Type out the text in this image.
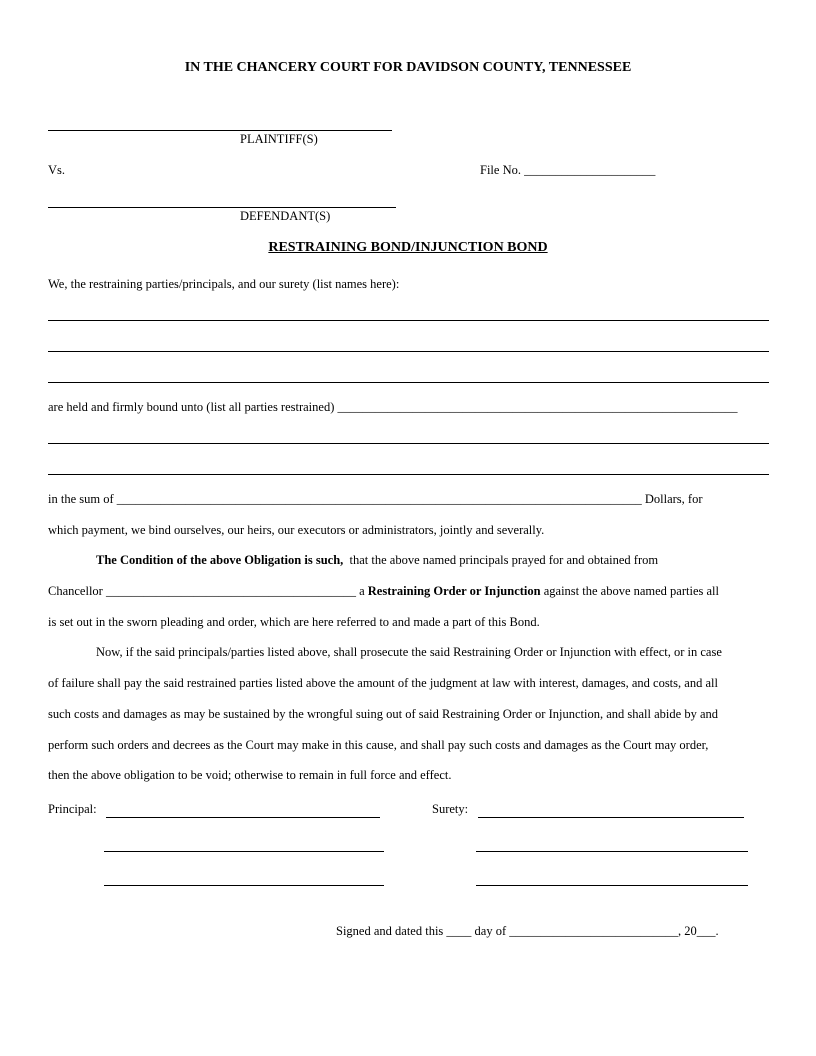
IN THE CHANCERY COURT FOR DAVIDSON COUNTY, TENNESSEE
PLAINTIFF(S)
Vs.	File No. _____________________
DEFENDANT(S)
RESTRAINING BOND/INJUNCTION BOND
We, the restraining parties/principals, and our surety (list names here):
are held and firmly bound unto (list all parties restrained) ________________________________________________________________
in the sum of ____________________________________________________________________________________ Dollars, for
which payment, we bind ourselves, our heirs, our executors or administrators, jointly and severally.
The Condition of the above Obligation is such, that the above named principals prayed for and obtained from
Chancellor ________________________________________ a Restraining Order or Injunction against the above named parties all
is set out in the sworn pleading and order, which are here referred to and made a part of this Bond.
Now, if the said principals/parties listed above, shall prosecute the said Restraining Order or Injunction with effect, or in case
of failure shall pay the said restrained parties listed above the amount of the judgment at law with interest, damages, and costs, and all
such costs and damages as may be sustained by the wrongful suing out of said Restraining Order or Injunction, and shall abide by and
perform such orders and decrees as the Court may make in this cause, and shall pay such costs and damages as the Court may order,
then the above obligation to be void; otherwise to remain in full force and effect.
Principal:	Surety:
Signed and dated this ____ day of ___________________________, 20___.
